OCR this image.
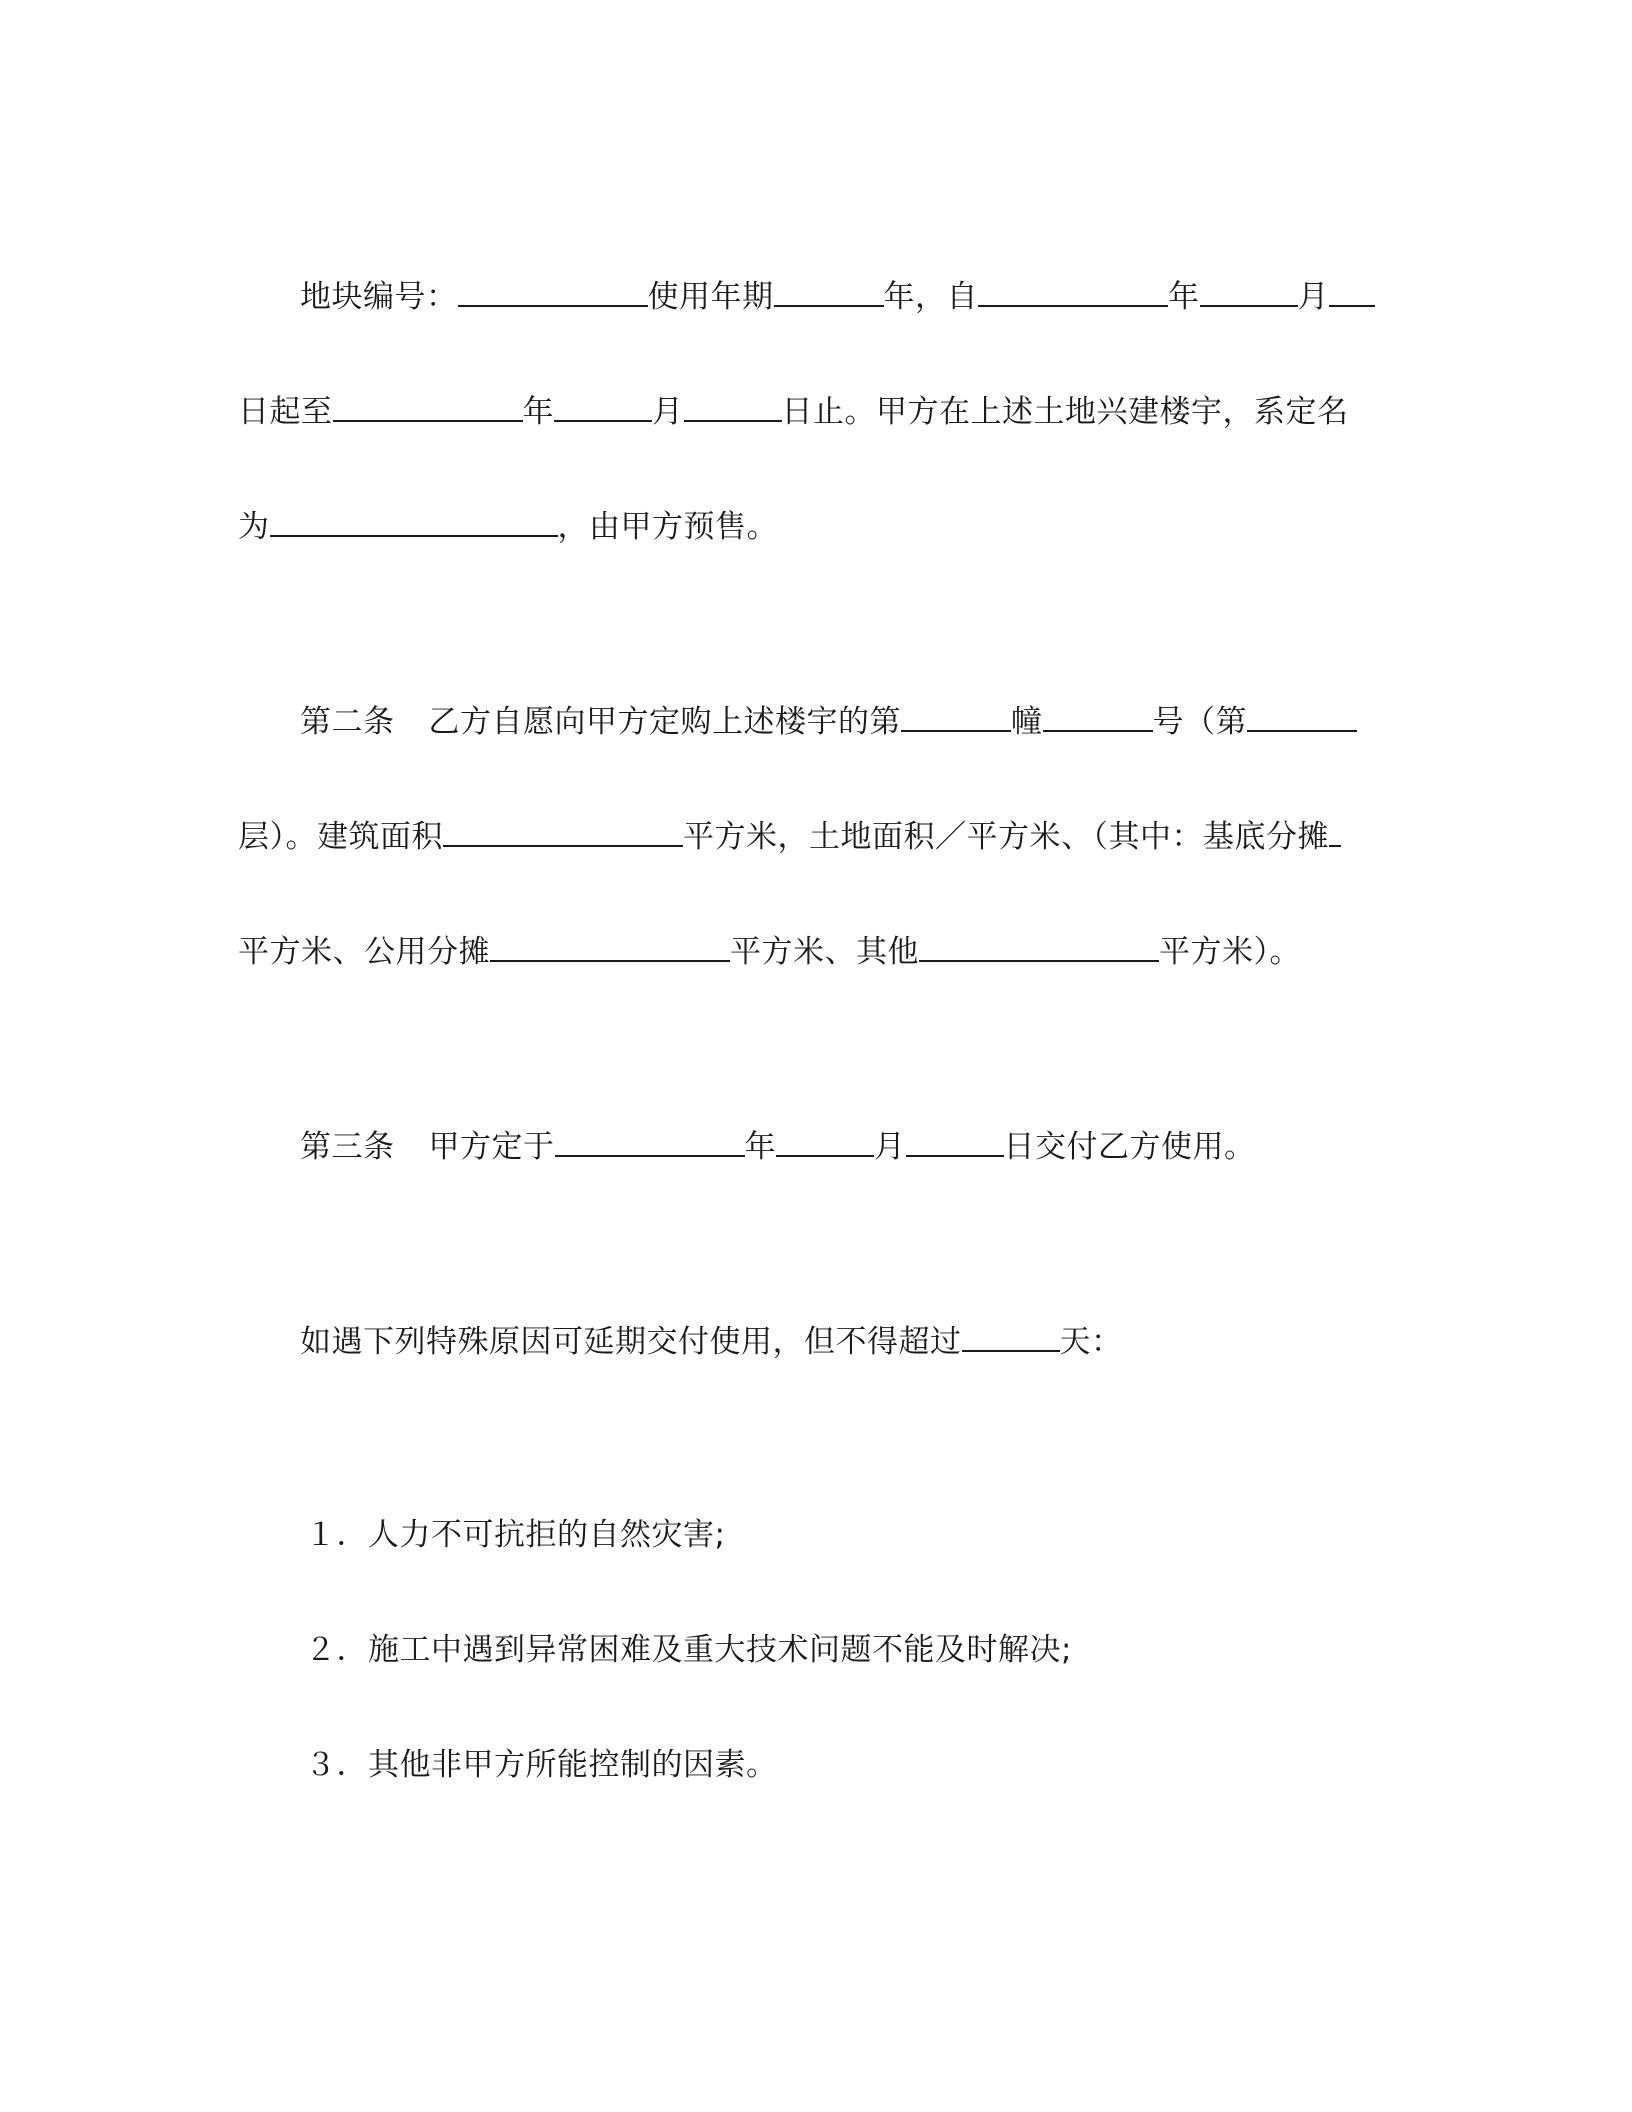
地块编号：	使用年期	年，自	年	月
日起至	年	月	日止。甲方在上述土地兴建楼宇，系定名
为	，由甲方预售。
第二条 乙方自愿向甲方定购上述楼宇的第	幢	号（第
层）。建筑面积	平方米，土地面积／平方米、（其中：基底分摊
平方米、公用分摊	平方米、其他	平方米）。
第三条 甲方定于	年	月	日交付乙方使用。
如遇下列特殊原因可延期交付使用，但不得超过	天：
１．人力不可抗拒的自然灾害;
２．施工中遇到异常困难及重大技术问题不能及时解决;
３．其他非甲方所能控制的因素。
